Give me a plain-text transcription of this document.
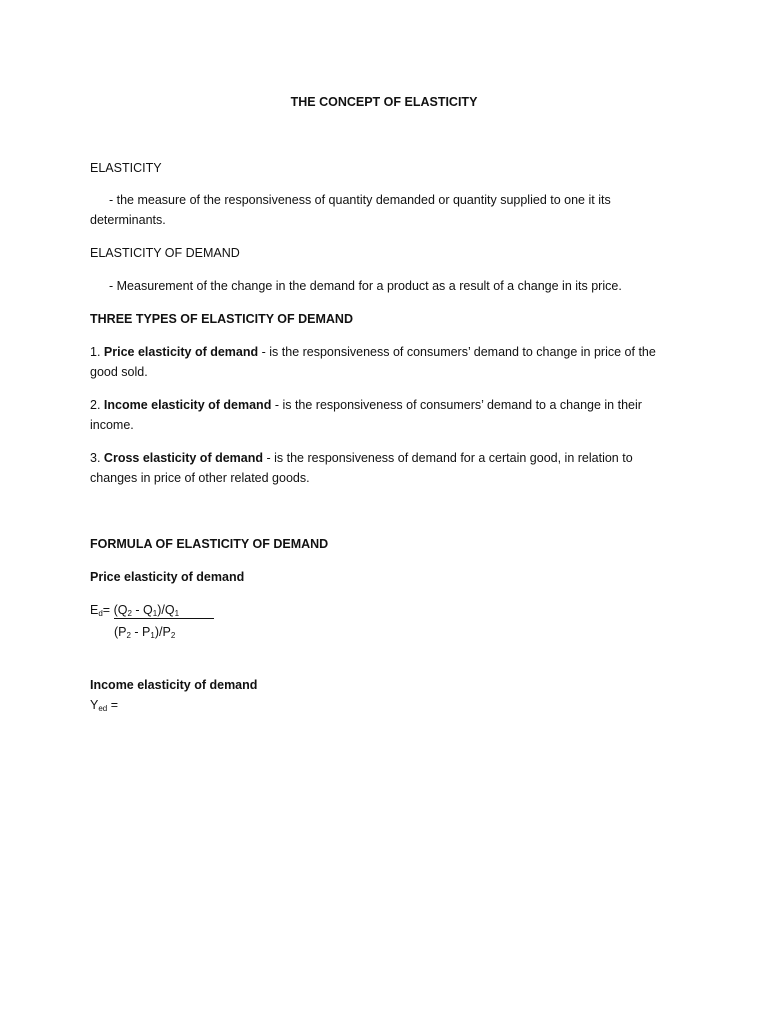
THE CONCEPT OF ELASTICITY
ELASTICITY
- the measure of the responsiveness of quantity demanded or quantity supplied to one it its
determinants.
ELASTICITY OF DEMAND
- Measurement of the change in the demand for a product as a result of a change in its price.
THREE TYPES OF ELASTICITY OF DEMAND
1. Price elasticity of demand - is the responsiveness of consumers’ demand to change in price of the
good sold.
2. Income elasticity of demand - is the responsiveness of consumers’ demand to a change in their
income.
3. Cross elasticity of demand - is the responsiveness of demand for a certain good, in relation to
changes in price of other related goods.
FORMULA OF ELASTICITY OF DEMAND
Price elasticity of demand
$E_d= (Q_2 - Q_1)/Q_1$
$(P_2 - P_1)/P_2$
Income elasticity of demand
$Y_{ed}$ =
